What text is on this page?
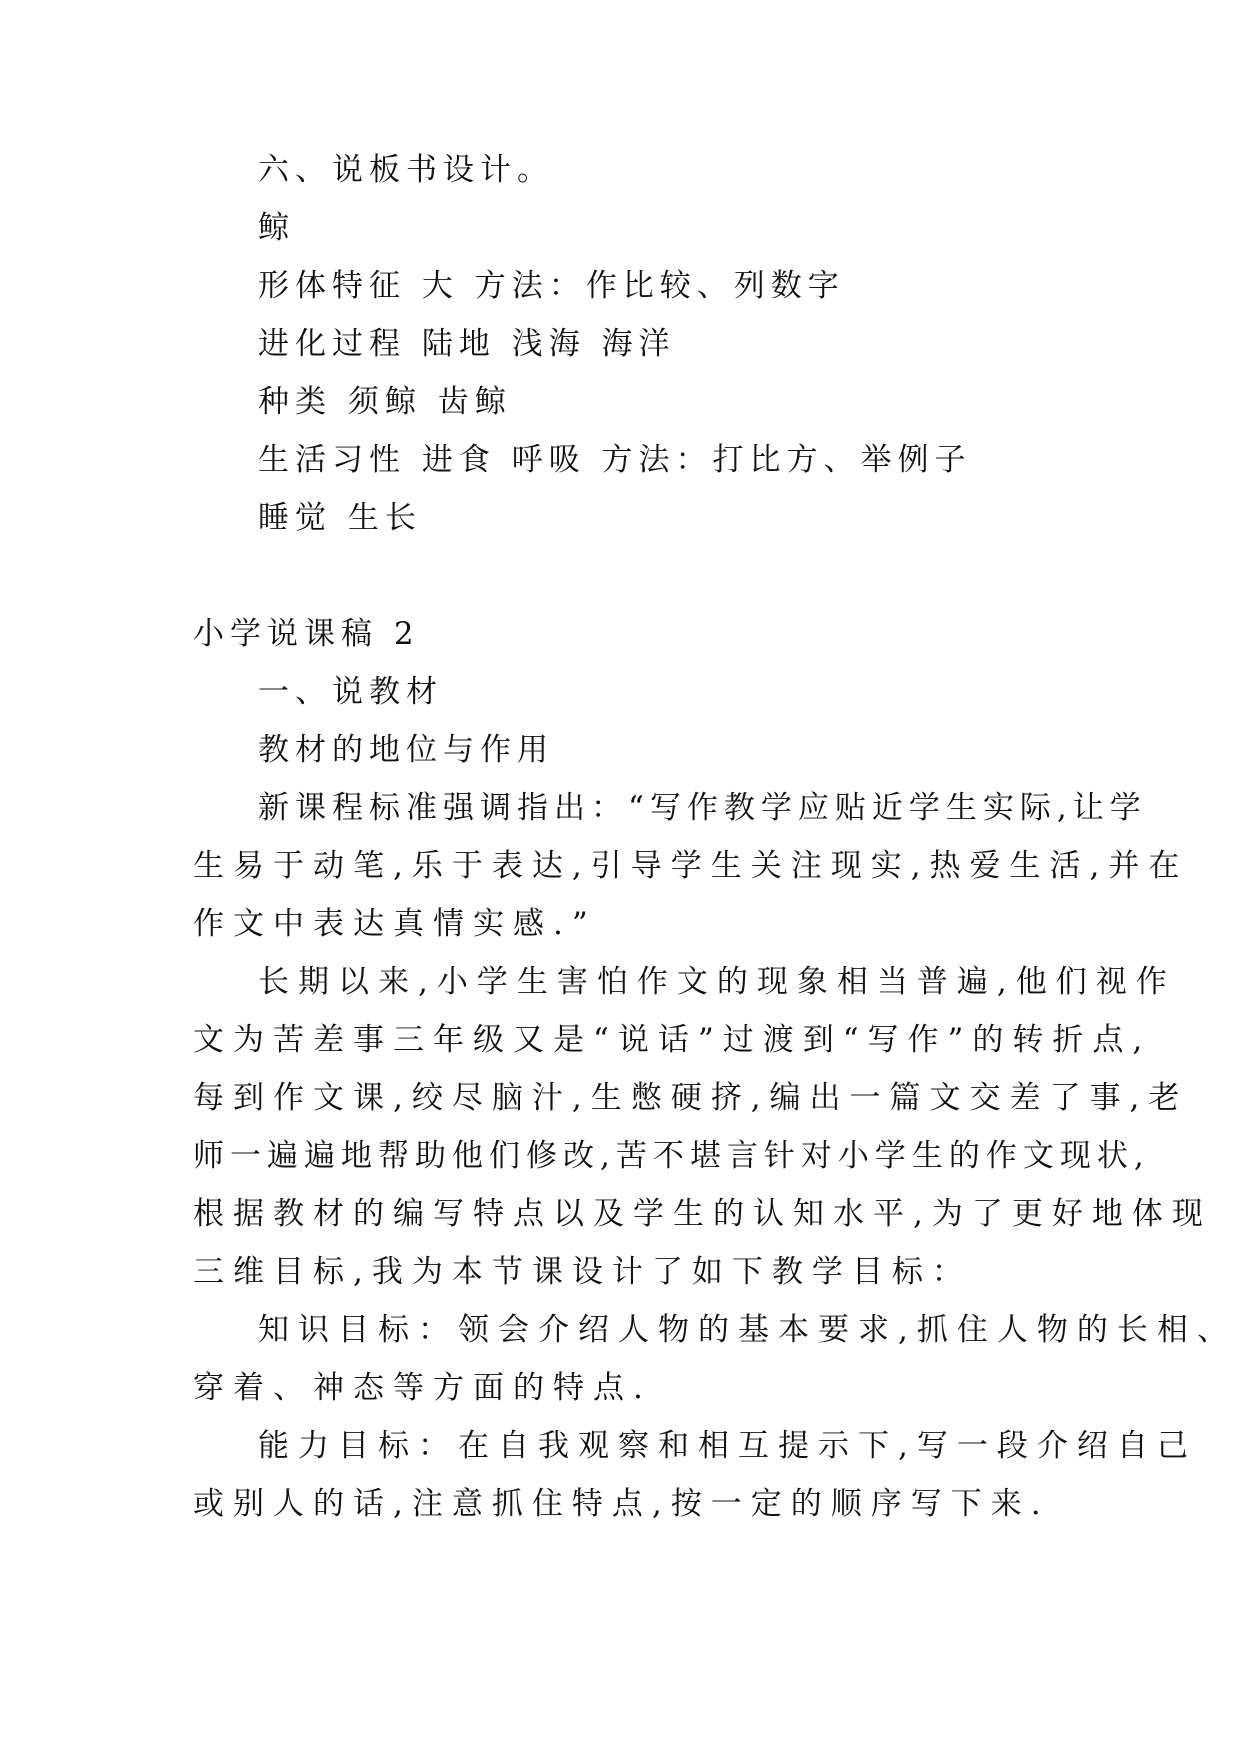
六、说板书设计。
鲸
形体特征 大 方法：作比较、列数字
进化过程 陆地 浅海 海洋
种类 须鲸 齿鲸
生活习性 进食 呼吸 方法：打比方、举例子
睡觉 生长
小学说课稿 2
一、说教材
教材的地位与作用
新课程标准强调指出：“写作教学应贴近学生实际,让学
生易于动笔,乐于表达,引导学生关注现实,热爱生活,并在
作文中表达真情实感.”
长期以来,小学生害怕作文的现象相当普遍,他们视作
文为苦差事三年级又是“说话”过渡到“写作”的转折点,
每到作文课,绞尽脑汁,生憋硬挤,编出一篇文交差了事,老
师一遍遍地帮助他们修改,苦不堪言针对小学生的作文现状,
根据教材的编写特点以及学生的认知水平,为了更好地体现
三维目标,我为本节课设计了如下教学目标：
知识目标：领会介绍人物的基本要求,抓住人物的长相、
穿着、神态等方面的特点.
能力目标：在自我观察和相互提示下,写一段介绍自己
或别人的话,注意抓住特点,按一定的顺序写下来.
